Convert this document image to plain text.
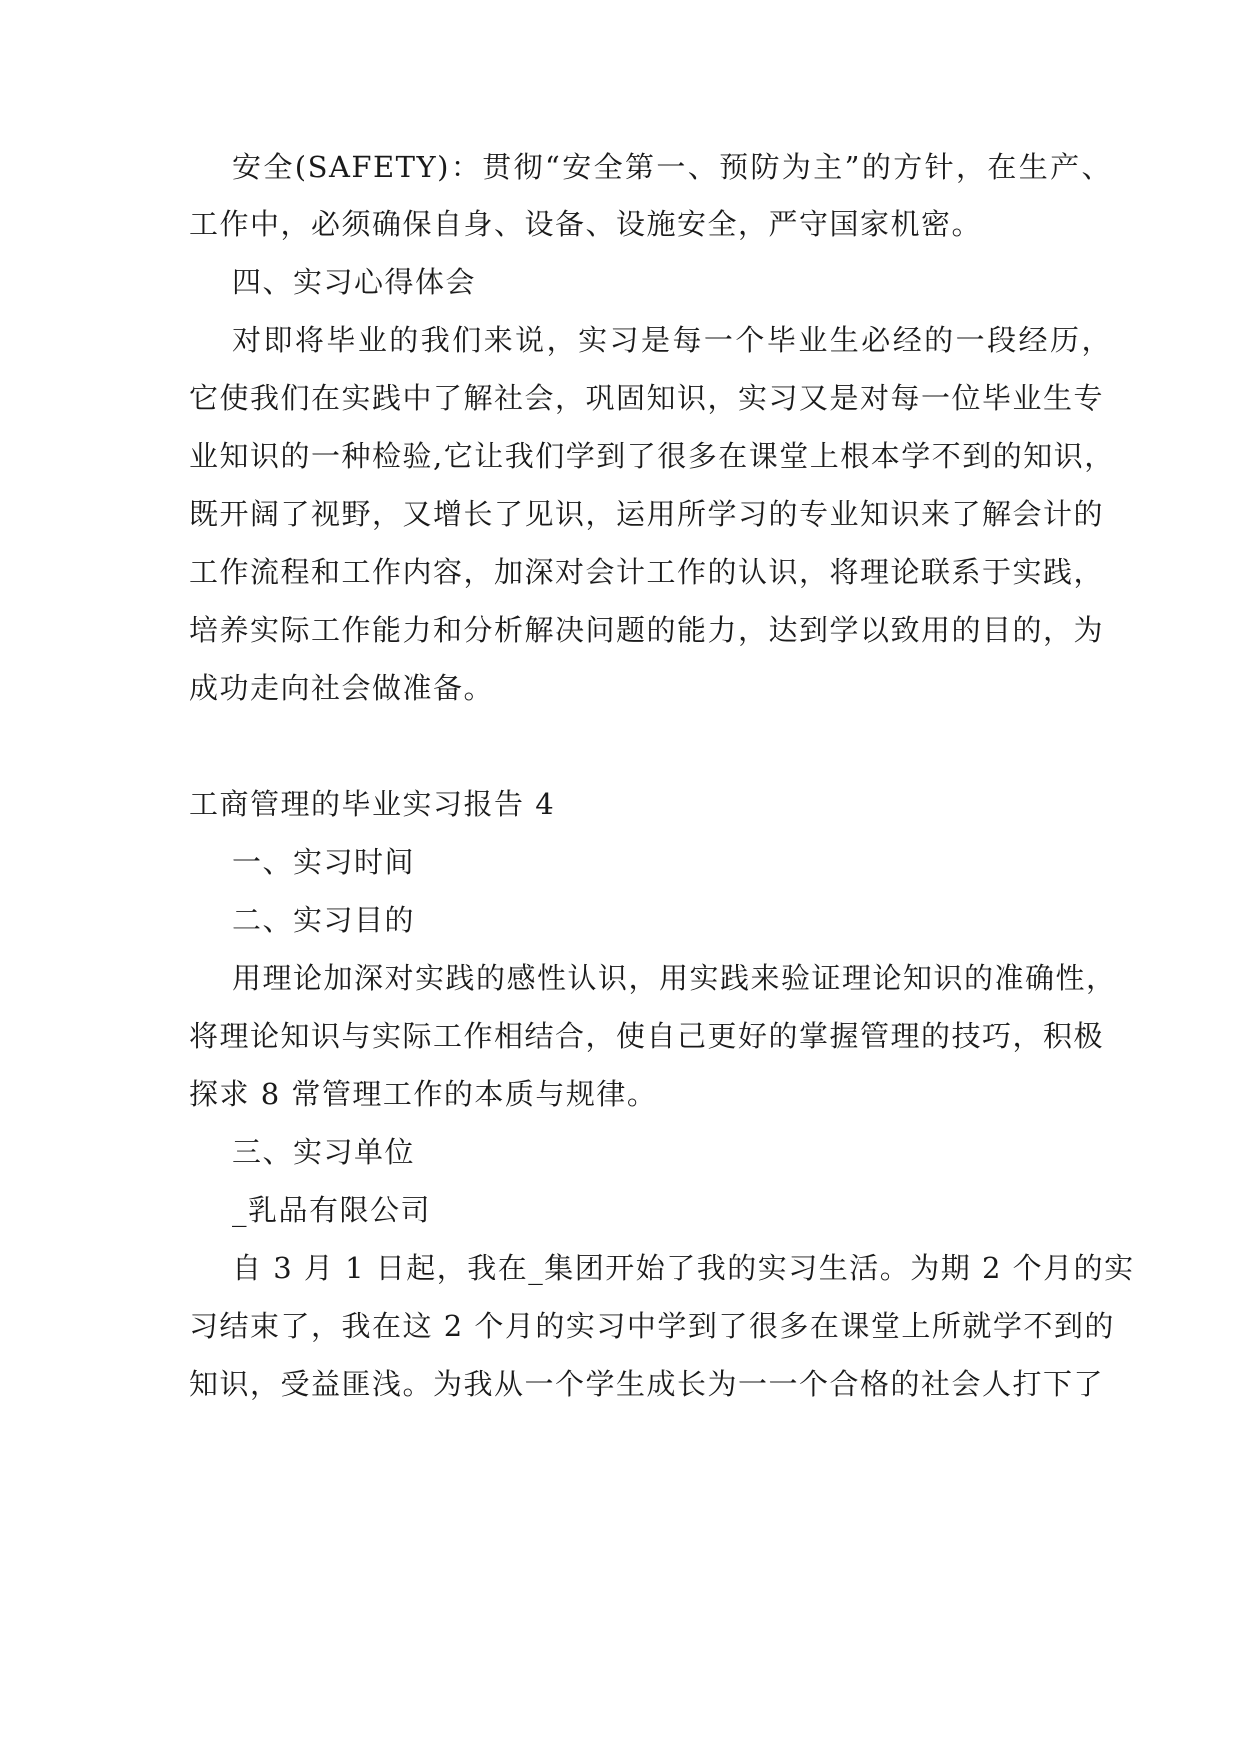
安全(SAFETY)：贯彻“安全第一、预防为主”的方针，在生产、
工作中，必须确保自身、设备、设施安全，严守国家机密。
四、实习心得体会
对即将毕业的我们来说，实习是每一个毕业生必经的一段经历，
它使我们在实践中了解社会，巩固知识，实习又是对每一位毕业生专
业知识的一种检验,它让我们学到了很多在课堂上根本学不到的知识，
既开阔了视野，又增长了见识，运用所学习的专业知识来了解会计的
工作流程和工作内容，加深对会计工作的认识，将理论联系于实践，
培养实际工作能力和分析解决问题的能力，达到学以致用的目的，为
成功走向社会做准备。
工商管理的毕业实习报告 4
一、实习时间
二、实习目的
用理论加深对实践的感性认识，用实践来验证理论知识的准确性，
将理论知识与实际工作相结合，使自己更好的掌握管理的技巧，积极
探求 8 常管理工作的本质与规律。
三、实习单位
_乳品有限公司
自 3 月 1 日起，我在_集团开始了我的实习生活。为期 2 个月的实
习结束了，我在这 2 个月的实习中学到了很多在课堂上所就学不到的
知识，受益匪浅。为我从一个学生成长为一一个合格的社会人打下了
